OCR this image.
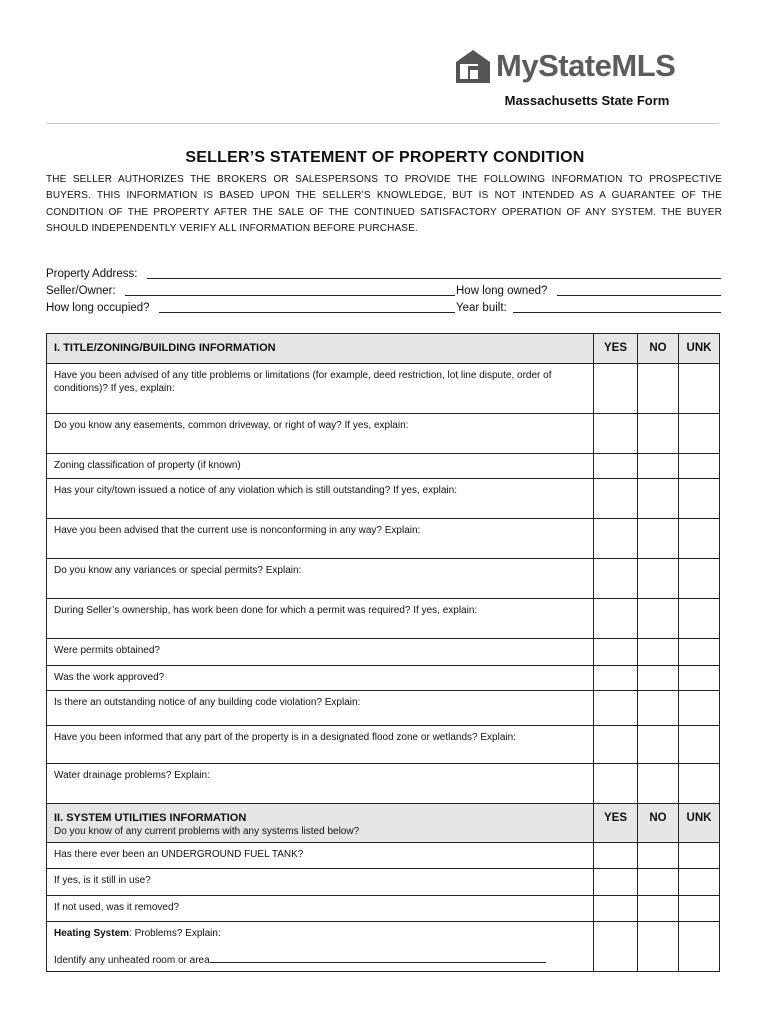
MyStateMLS
Massachusetts State Form
SELLER’S STATEMENT OF PROPERTY CONDITION
THE SELLER AUTHORIZES THE BROKERS OR SALESPERSONS TO PROVIDE THE FOLLOWING INFORMATION TO PROSPECTIVE BUYERS. THIS INFORMATION IS BASED UPON THE SELLER’S KNOWLEDGE, BUT IS NOT INTENDED AS A GUARANTEE OF THE CONDITION OF THE PROPERTY AFTER THE SALE OF THE CONTINUED SATISFACTORY OPERATION OF ANY SYSTEM. THE BUYER SHOULD INDEPENDENTLY VERIFY ALL INFORMATION BEFORE PURCHASE.
Property Address:
Seller/Owner:	How long owned?
How long occupied?	Year built:
I. TITLE/ZONING/BUILDING INFORMATION	YES	NO	UNK
Have you been advised of any title problems or limitations (for example, deed restriction, lot line dispute, order of conditions)? If yes, explain:			
Do you know any easements, common driveway, or right of way? If yes, explain:			
Zoning classification of property (if known)			
Has your city/town issued a notice of any violation which is still outstanding? If yes, explain:			
Have you been advised that the current use is nonconforming in any way? Explain:			
Do you know any variances or special permits? Explain:			
During Seller’s ownership, has work been done for which a permit was required? If yes, explain:			
Were permits obtained?			
Was the work approved?			
Is there an outstanding notice of any building code violation? Explain:			
Have you been informed that any part of the property is in a designated flood zone or wetlands? Explain:			
Water drainage problems? Explain:			
II. SYSTEM UTILITIES INFORMATION
Do you know of any current problems with any systems listed below?	YES	NO	UNK
Has there ever been an UNDERGROUND FUEL TANK?			
If yes, is it still in use?			
If not used, was it removed?			
Heating System: Problems? Explain:
Identify any unheated room or area			
